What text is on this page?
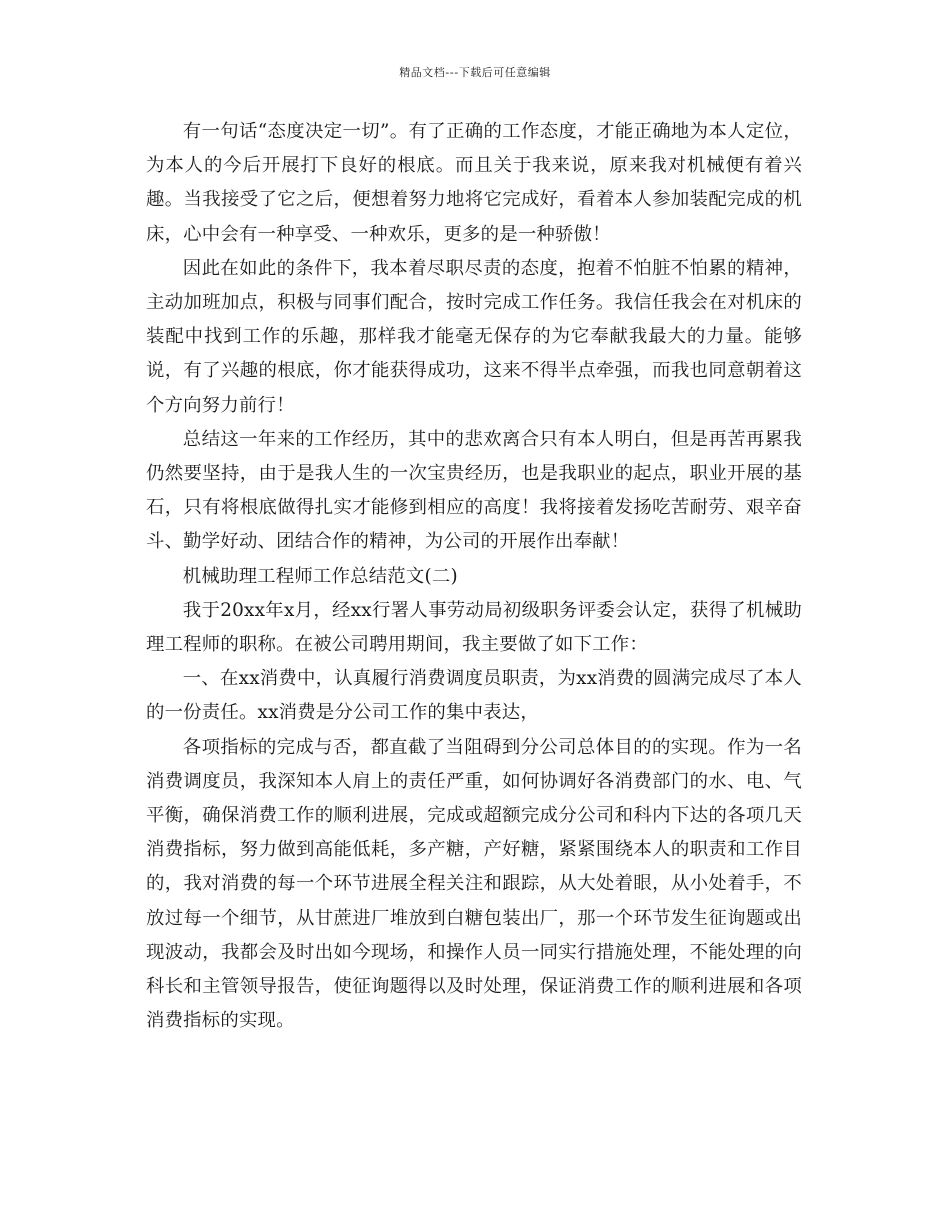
精品文档---下载后可任意编辑

有一句话“态度决定一切”。有了正确的工作态度，才能正确地为本人定位，为本人的今后开展打下良好的根底。而且关于我来说，原来我对机械便有着兴趣。当我接受了它之后，便想着努力地将它完成好，看着本人参加装配完成的机床，心中会有一种享受、一种欢乐，更多的是一种骄傲！

因此在如此的条件下，我本着尽职尽责的态度，抱着不怕脏不怕累的精神，主动加班加点，积极与同事们配合，按时完成工作任务。我信任我会在对机床的装配中找到工作的乐趣，那样我才能毫无保存的为它奉献我最大的力量。能够说，有了兴趣的根底，你才能获得成功，这来不得半点牵强，而我也同意朝着这个方向努力前行！

总结这一年来的工作经历，其中的悲欢离合只有本人明白，但是再苦再累我仍然要坚持，由于是我人生的一次宝贵经历，也是我职业的起点，职业开展的基石，只有将根底做得扎实才能修到相应的高度！我将接着发扬吃苦耐劳、艰辛奋斗、勤学好动、团结合作的精神，为公司的开展作出奉献！

机械助理工程师工作总结范文(二)

我于20xx年x月，经xx行署人事劳动局初级职务评委会认定，获得了机械助理工程师的职称。在被公司聘用期间，我主要做了如下工作：

一、在xx消费中，认真履行消费调度员职责，为xx消费的圆满完成尽了本人的一份责任。xx消费是分公司工作的集中表达，

各项指标的完成与否，都直截了当阻碍到分公司总体目的的实现。作为一名消费调度员，我深知本人肩上的责任严重，如何协调好各消费部门的水、电、气平衡，确保消费工作的顺利进展，完成或超额完成分公司和科内下达的各项几天消费指标，努力做到高能低耗，多产糖，产好糖，紧紧围绕本人的职责和工作目的，我对消费的每一个环节进展全程关注和跟踪，从大处着眼，从小处着手，不放过每一个细节，从甘蔗进厂堆放到白糖包装出厂，那一个环节发生征询题或出现波动，我都会及时出如今现场，和操作人员一同实行措施处理，不能处理的向科长和主管领导报告，使征询题得以及时处理，保证消费工作的顺利进展和各项消费指标的实现。
